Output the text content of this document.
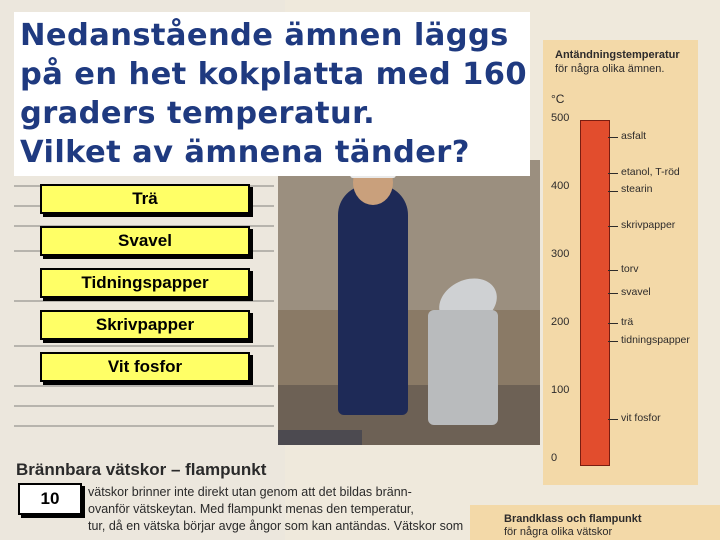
Nedanstående ämnen läggs
på en het kokplatta med 160
graders temperatur.
Vilket av ämnena tänder?
Trä
Svavel
Tidningspapper
Skrivpapper
Vit fosfor
Brännbara vätskor – flampunkt
vätskor brinner inte direkt utan genom att det bildas bränn-
ovanför vätskeytan. Med flampunkt menas den temperatur,
tur, då en vätska börjar avge ångor som kan antändas. Vätskor som
10
Antändningstemperatur
för några olika ämnen.
°C
500
400
300
200
100
0
asfalt
etanol, T-röd
stearin
skrivpapper
torv
svavel
trä
tidningspapper
vit fosfor
Brandklass och flampunkt
för några olika vätskor
